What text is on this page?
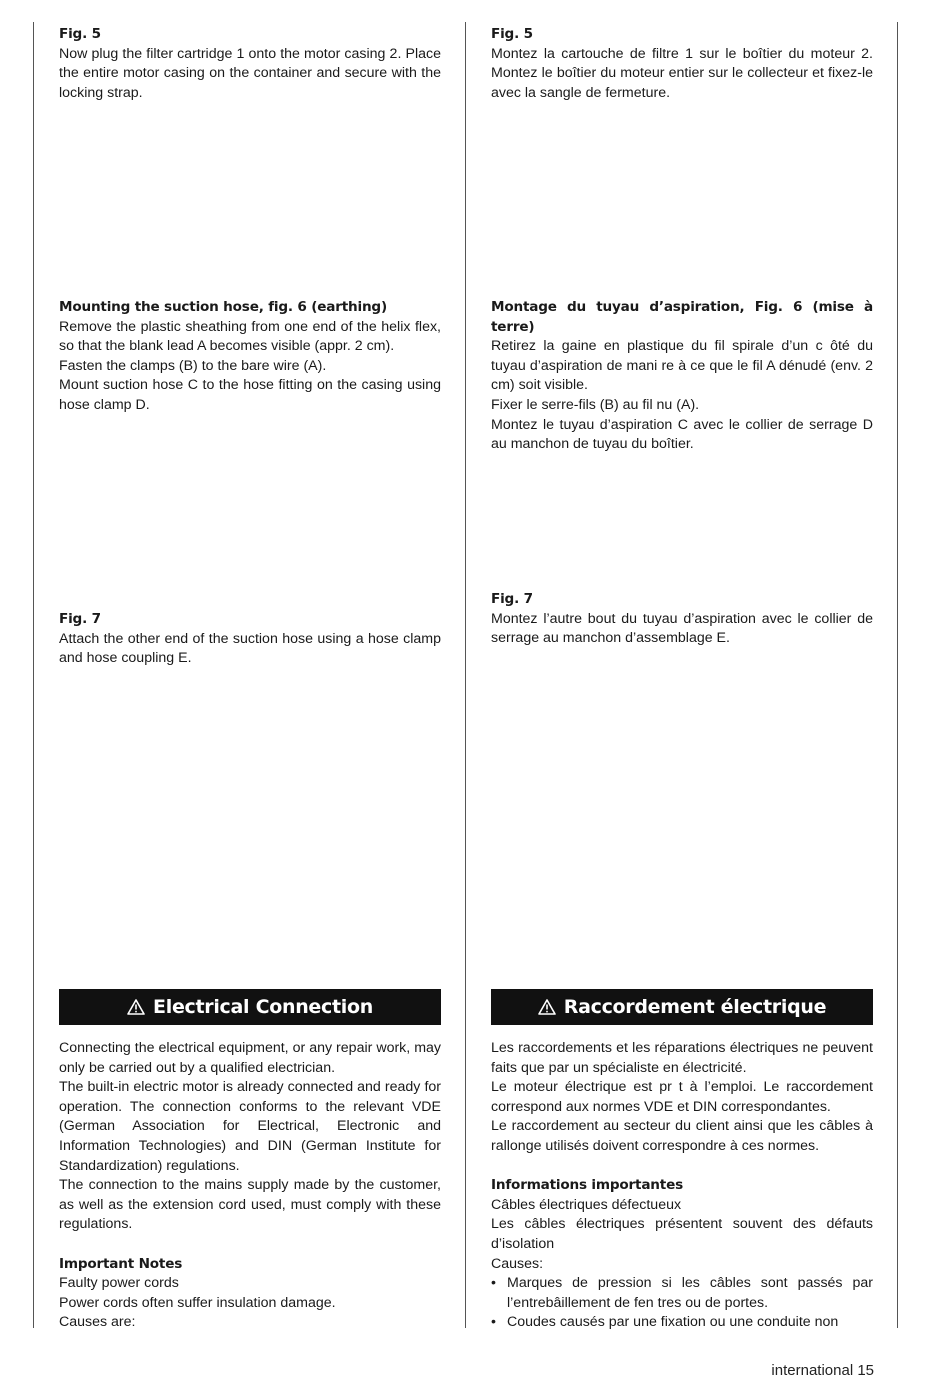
Fig. 5

Now plug the filter cartridge 1 onto the motor casing 2. Place the entire motor casing on the container and secure with the locking strap.

Mounting the suction hose, fig. 6 (earthing)

Remove the plastic sheathing from one end of the helix flex, so that the blank lead A becomes visible (appr. 2 cm).

Fasten the clamps (B) to the bare wire (A).

Mount suction hose C to the hose fitting on the casing using hose clamp D.

Fig. 7

Attach the other end of the suction hose using a hose clamp and hose coupling E.

Electrical Connection

Connecting the electrical equipment, or any repair work, may only be carried out by a qualified electrician.

The built-in electric motor is already connected and ready for operation. The connection conforms to the relevant VDE (German Association for Electrical, Electronic and Information Technologies) and DIN (German Institute for Standardization) regulations.

The connection to the mains supply made by the customer, as well as the extension cord used, must comply with these regulations.

Important Notes

Faulty power cords

Power cords often suffer insulation damage.

Causes are:

Fig. 5

Montez la cartouche de filtre 1 sur le boîtier du moteur 2. Montez le boîtier du moteur entier sur le collecteur et fixez-le avec la sangle de fermeture.

Montage du tuyau d’aspiration, Fig. 6 (mise à terre)

Retirez la gaine en plastique du fil spirale d’un c ôté du tuyau d’aspiration de mani re à ce que le fil A dénudé (env. 2 cm) soit visible.

Fixer le serre-fils (B) au fil nu (A).

Montez le tuyau d’aspiration C avec le collier de serrage D au manchon de tuyau du boîtier.

Fig. 7

Montez l’autre bout du tuyau d’aspiration avec le collier de serrage au manchon d’assemblage E.

Raccordement électrique

Les raccordements et les réparations électriques ne peuvent faits que par un spécialiste en électricité.

Le moteur électrique est pr t à l’emploi. Le raccordement correspond aux normes VDE et DIN correspondantes.

Le raccordement au secteur du client ainsi que les câbles à rallonge utilisés doivent correspondre à ces normes.

Informations importantes

Câbles électriques défectueux

Les câbles électriques présentent souvent des défauts d’isolation

Causes:

• Marques de pression si les câbles sont passés par l’entrebâillement de fen tres ou de portes.
• Coudes causés par une fixation ou une conduite non
international 15
